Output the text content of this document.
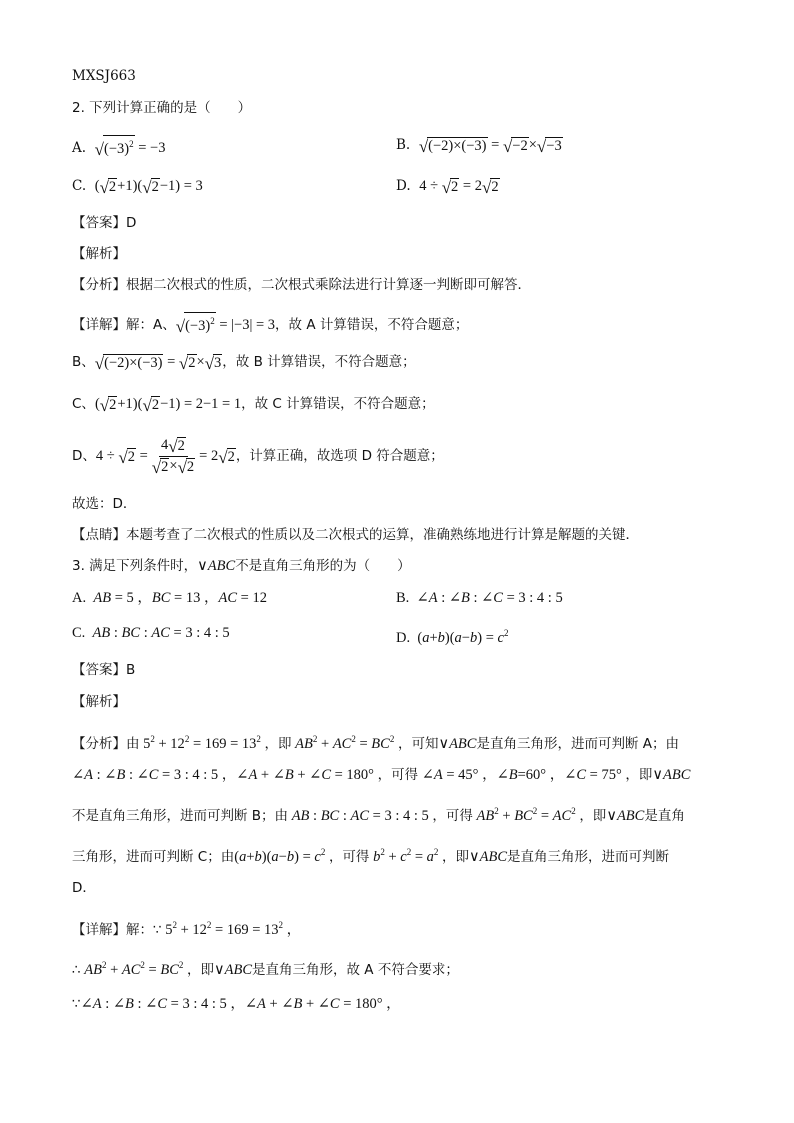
MXSJ663
2. 下列计算正确的是（　　）
A. √ $(-3)^2 = -3$	B. √ (−2)×(−3) = √ −2 × √ −3
C. ( √ 2 +1)( √ 2 −1) = 3	D. 4 ÷ √ 2 = 2 √ 2
【答案】D
【解析】
【分析】根据二次根式的性质，二次根式乘除法进行计算逐一判断即可解答．
【详解】解：A、 √ $(-3)^2 = |-3| = 3$，故 A 计算错误，不符合题意；
B、 √ (−2)×(−3) = √ 2 × √ 3 ，故 B 计算错误，不符合题意；
C、( √ 2 +1)( √ 2 −1) = 2−1 = 1，故 C 计算错误，不符合题意；
D、4 ÷ √ $2 = \frac{4 √ 2}{√ 2 \times √ 2} = 2$ √ 2 ，计算正确，故选项 D 符合题意；
故选：D．
【点睛】本题考查了二次根式的性质以及二次根式的运算，准确熟练地进行计算是解题的关键．
3. 满足下列条件时，∨ABC不是直角三角形的为（　　）
A.  AB = 5 ，BC = 13 ，AC = 12	B.  ∠A : ∠B : ∠C = 3 : 4 : 5
C.  AB : BC : AC = 3 : 4 : 5	D.  $(a+b)(a-b) = c^2$
【答案】B
【解析】
【分析】由 $5^2 + 12^2 = 169 = 13^2$ ，即 $AB^2 + AC^2 = BC^2$ ，可知∨ABC是直角三角形，进而可判断 A；由
∠A : ∠B : ∠C = 3 : 4 : 5 ，∠A + ∠B + ∠C = 180° ，可得 ∠A = 45° ，∠B=60° ，∠C = 75° ，即∨ABC
不是直角三角形，进而可判断 B；由 AB : BC : AC = 3 : 4 : 5 ，可得 $AB^2 + BC^2 = AC^2$ ，即∨ABC是直角
三角形，进而可判断 C；由$(a+b)(a-b) = c^2$ ，可得 $b^2 + c^2 = a^2$ ，即∨ABC是直角三角形，进而可判断
D．
【详解】解：∵ $5^2 + 12^2 = 169 = 13^2$ ，
∴ $AB^2 + AC^2 = BC^2$ ，即∨ABC是直角三角形，故 A 不符合要求；
∵∠A : ∠B : ∠C = 3 : 4 : 5 ，∠A + ∠B + ∠C = 180° ，
